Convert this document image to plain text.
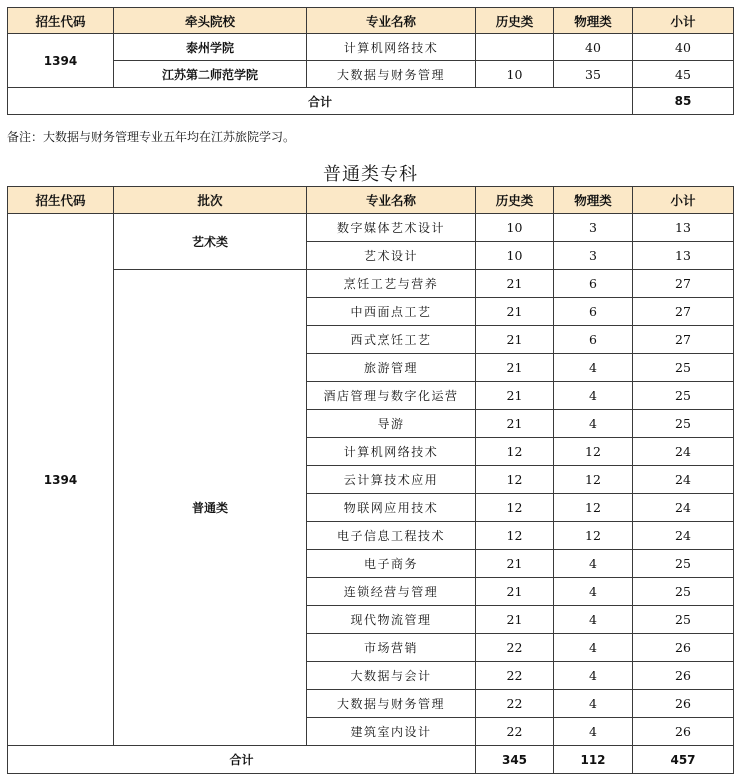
招生代码	牵头院校	专业名称	历史类	物理类	小计
1394	泰州学院	计算机网络技术		40	40
	江苏第二师范学院	大数据与财务管理	10	35	45
合计					85
备注：大数据与财务管理专业五年均在江苏旅院学习。
普通类专科
招生代码	批次	专业名称	历史类	物理类	小计
1394	艺术类	数字媒体艺术设计	10	3	13
		艺术设计	10	3	13
	普通类	烹饪工艺与营养	21	6	27
		中西面点工艺	21	6	27
		西式烹饪工艺	21	6	27
		旅游管理	21	4	25
		酒店管理与数字化运营	21	4	25
		导游	21	4	25
		计算机网络技术	12	12	24
		云计算技术应用	12	12	24
		物联网应用技术	12	12	24
		电子信息工程技术	12	12	24
		电子商务	21	4	25
		连锁经营与管理	21	4	25
		现代物流管理	21	4	25
		市场营销	22	4	26
		大数据与会计	22	4	26
		大数据与财务管理	22	4	26
		建筑室内设计	22	4	26
合计			345	112	457
